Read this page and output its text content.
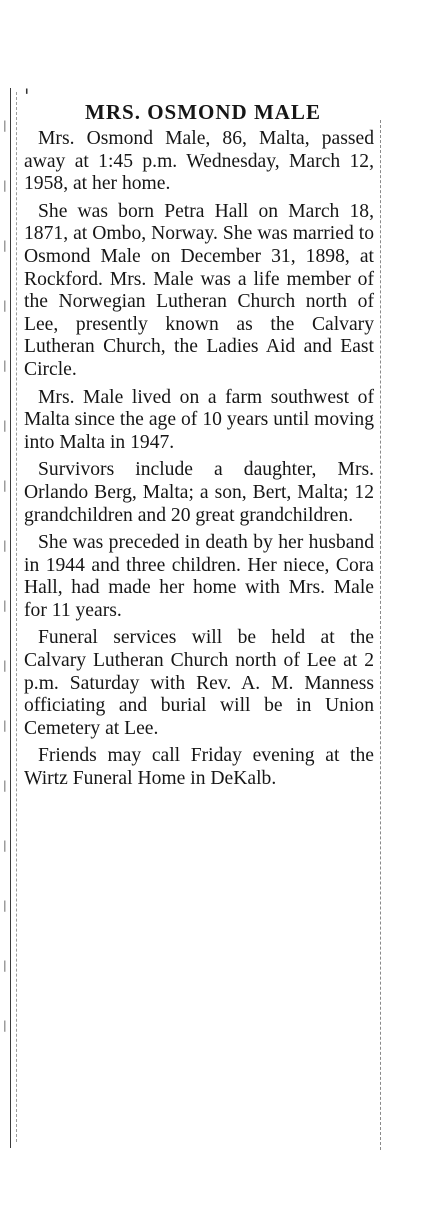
|
|
|
|
|
|
|
|
|
|
|
|
|
|
|
|
'
MRS. OSMOND MALE

Mrs. Osmond Male, 86, Malta, passed away at 1:45 p.m. Wednesday, March 12, 1958, at her home.

She was born Petra Hall on March 18, 1871, at Ombo, Norway. She was married to Osmond Male on December 31, 1898, at Rockford. Mrs. Male was a life member of the Norwegian Lutheran Church north of Lee, presently known as the Calvary Lutheran Church, the Ladies Aid and East Circle.

Mrs. Male lived on a farm southwest of Malta since the age of 10 years until moving into Malta in 1947.

Survivors include a daughter, Mrs. Orlando Berg, Malta; a son, Bert, Malta; 12 grandchildren and 20 great grandchildren.

She was preceded in death by her husband in 1944 and three children. Her niece, Cora Hall, had made her home with Mrs. Male for 11 years.

Funeral services will be held at the Calvary Lutheran Church north of Lee at 2 p.m. Saturday with Rev. A. M. Manness officiating and burial will be in Union Cemetery at Lee.

Friends may call Friday evening at the Wirtz Funeral Home in DeKalb.
